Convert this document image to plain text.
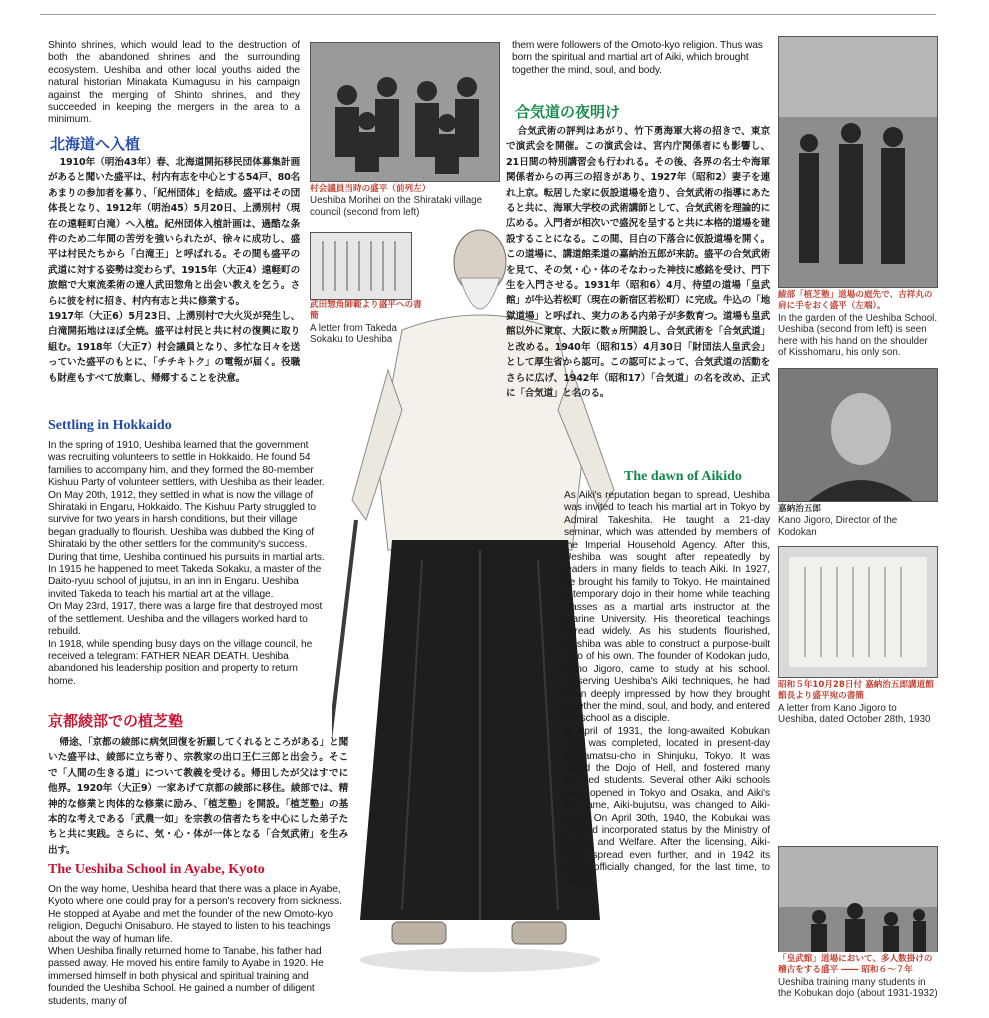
Shinto shrines, which would lead to the destruction of both the abandoned shrines and the surrounding ecosystem. Ueshiba and other local youths aided the natural historian Minakata Kumagusu in his campaign against the merging of Shinto shrines, and they succeeded in keeping the mergers in the area to a minimum.

北海道へ入植

1910年（明治43年）春、北海道開拓移民団体募集計画があると聞いた盛平は、村内有志を中心とする54戸、80名あまりの参加者を募り、「紀州団体」を結成。盛平はその団体長となり、1912年（明治45）5月20日、上湧別村（現在の遠軽町白滝）へ入植。紀州団体入植計画は、過酷な条件のため二年間の苦労を強いられたが、徐々に成功し、盛平は村民たちから「白滝王」と呼ばれる。その間も盛平の武道に対する姿勢は変わらず、1915年（大正4）遠軽町の旅館で大東流柔術の達人武田惣角と出会い教えを乞う。さらに彼を村に招き、村内有志と共に修業する。

1917年（大正6）5月23日、上湧別村で大火災が発生し、白滝開拓地はほぼ全焼。盛平は村民と共に村の復興に取り組む。1918年（大正7）村会議員となり、多忙な日々を送っていた盛平のもとに、「チチキトク」の電報が届く。役職も財産もすべて放棄し、帰郷することを決意。

Settling in Hokkaido

In the spring of 1910, Ueshiba learned that the government was recruiting volunteers to settle in Hokkaido. He found 54 families to accompany him, and they formed the 80-member Kishuu Party of volunteer settlers, with Ueshiba as their leader. On May 20th, 1912, they settled in what is now the village of Shirataki in Engaru, Hokkaido. The Kishuu Party struggled to survive for two years in harsh conditions, but their village began gradually to flourish. Ueshiba was dubbed the King of Shirataki by the other settlers for the community's success. During that time, Ueshiba continued his pursuits in martial arts. In 1915 he happened to meet Takeda Sokaku, a master of the Daito-ryuu school of jujutsu, in an inn in Engaru. Ueshiba invited Takeda to teach his martial art at the village.

On May 23rd, 1917, there was a large fire that destroyed most of the settlement. Ueshiba and the villagers worked hard to rebuild.

In 1918, while spending busy days on the village council, he received a telegram: FATHER NEAR DEATH. Ueshiba abandoned his leadership position and property to return home.

京都綾部での植芝塾

帰途、「京都の綾部に病気回復を祈願してくれるところがある」と聞いた盛平は、綾部に立ち寄り、宗教家の出口王仁三郎と出会う。そこで「人間の生きる道」について教義を受ける。帰田したが父はすでに他界。1920年（大正9）一家あげて京都の綾部に移住。綾部では、精神的な修業と肉体的な修業に励み、「植芝塾」を開設。「植芝塾」の基本的な考えである「武農一如」を宗教の信者たちを中心にした弟子たちと共に実践。さらに、気・心・体が一体となる「合気武術」を生み出す。

The Ueshiba School in Ayabe, Kyoto

On the way home, Ueshiba heard that there was a place in Ayabe, Kyoto where one could pray for a person's recovery from sickness. He stopped at Ayabe and met the founder of the new Omoto-kyo religion, Deguchi Onisaburo. He stayed to listen to his teachings about the way of human life.

When Ueshiba finally returned home to Tanabe, his father had passed away. He moved his entire family to Ayabe in 1920. He immersed himself in both physical and spiritual training and founded the Ueshiba School. He gained a number of diligent students, many of

村会議員当時の盛平（前列左）
Ueshiba Morihei on the Shirataki village council (second from left)
武田惣角師範より盛平への書簡
A letter from Takeda Sokaku to Ueshiba

them were followers of the Omoto-kyo religion. Thus was born the spiritual and martial art of Aiki, which brought together the mind, soul, and body.

合気道の夜明け

合気武術の評判はあがり、竹下勇海軍大将の招きで、東京で演武会を開催。この演武会は、宮内庁関係者にも影響し、21日間の特別講習会も行われる。その後、各界の名士や海軍関係者からの再三の招きがあり、1927年（昭和2）妻子を連れ上京。転居した家に仮設道場を造り、合気武術の指導にあたると共に、海軍大学校の武術講師として、合気武術を理論的に広める。入門者が相次いで盛況を呈すると共に本格的道場を建設することになる。この間、目白の下落合に仮設道場を開く。この道場に、講道館柔道の嘉納治五郎が来訪。盛平の合気武術を見て、その気・心・体のそなわった神技に感銘を受け、門下生を入門させる。1931年（昭和6）4月、待望の道場「皇武館」が牛込若松町（現在の新宿区若松町）に完成。牛込の「地獄道場」と呼ばれ、実力のある内弟子が多数育つ。道場も皇武館以外に東京、大阪に数ヵ所開設し、合気武術を「合気武道」と改める。1940年（昭和15）4月30日「財団法人皇武会」として厚生省から認可。この認可によって、合気武道の活動をさらに広げ、1942年（昭和17）「合気道」の名を改め、正式に「合気道」と名のる。

The dawn of Aikido

As Aiki's reputation began to spread, Ueshiba was invited to teach his martial art in Tokyo by Admiral Takeshita. He taught a 21-day seminar, which was attended by members of the Imperial Household Agency. After this, Ueshiba was sought after repeatedly by leaders in many fields to teach Aiki. In 1927, he brought his family to Tokyo. He maintained a temporary dojo in their home while teaching classes as a martial arts instructor at the Marine University. His theoretical teachings spread widely. As his students flourished, Ueshiba was able to construct a purpose-built dojo of his own. The founder of Kodokan judo, Kano Jigoro, came to study at his school. Observing Ueshiba's Aiki techniques, he had been deeply impressed by how they brought together the mind, soul, and body, and entered the school as a disciple.

In April of 1931, the long-awaited Kobukan dojo was completed, located in present-day Wakamatsu-cho in Shinjuku, Tokyo. It was called the Dojo of Hell, and fostered many talented students. Several other Aiki schools were opened in Tokyo and Osaka, and Aiki's full name, Aiki-bujutsu, was changed to Aiki-budo. On April 30th, 1940, the Kobukai was granted incorporated status by the Ministry of Health and Welfare. After the licensing, Aiki-budo spread even further, and in 1942 its name officially changed, for the last time, to Aikido.

綾部「植芝塾」道場の庭先で、吉祥丸の肩に手をおく盛平（左端）。
In the garden of the Ueshiba School. Ueshiba (second from left) is seen here with his hand on the shoulder of Kisshomaru, his only son.
嘉納治五郎
Kano Jigoro, Director of the Kodokan
昭和５年10月28日付 嘉納治五郎講道館館長より盛平宛の書簡
A letter from Kano Jigoro to Ueshiba, dated October 28th, 1930
「皇武館」道場において、多人数掛けの稽古をする盛平 ―― 昭和６～７年
Ueshiba training many students in the Kobukan dojo (about 1931-1932)
